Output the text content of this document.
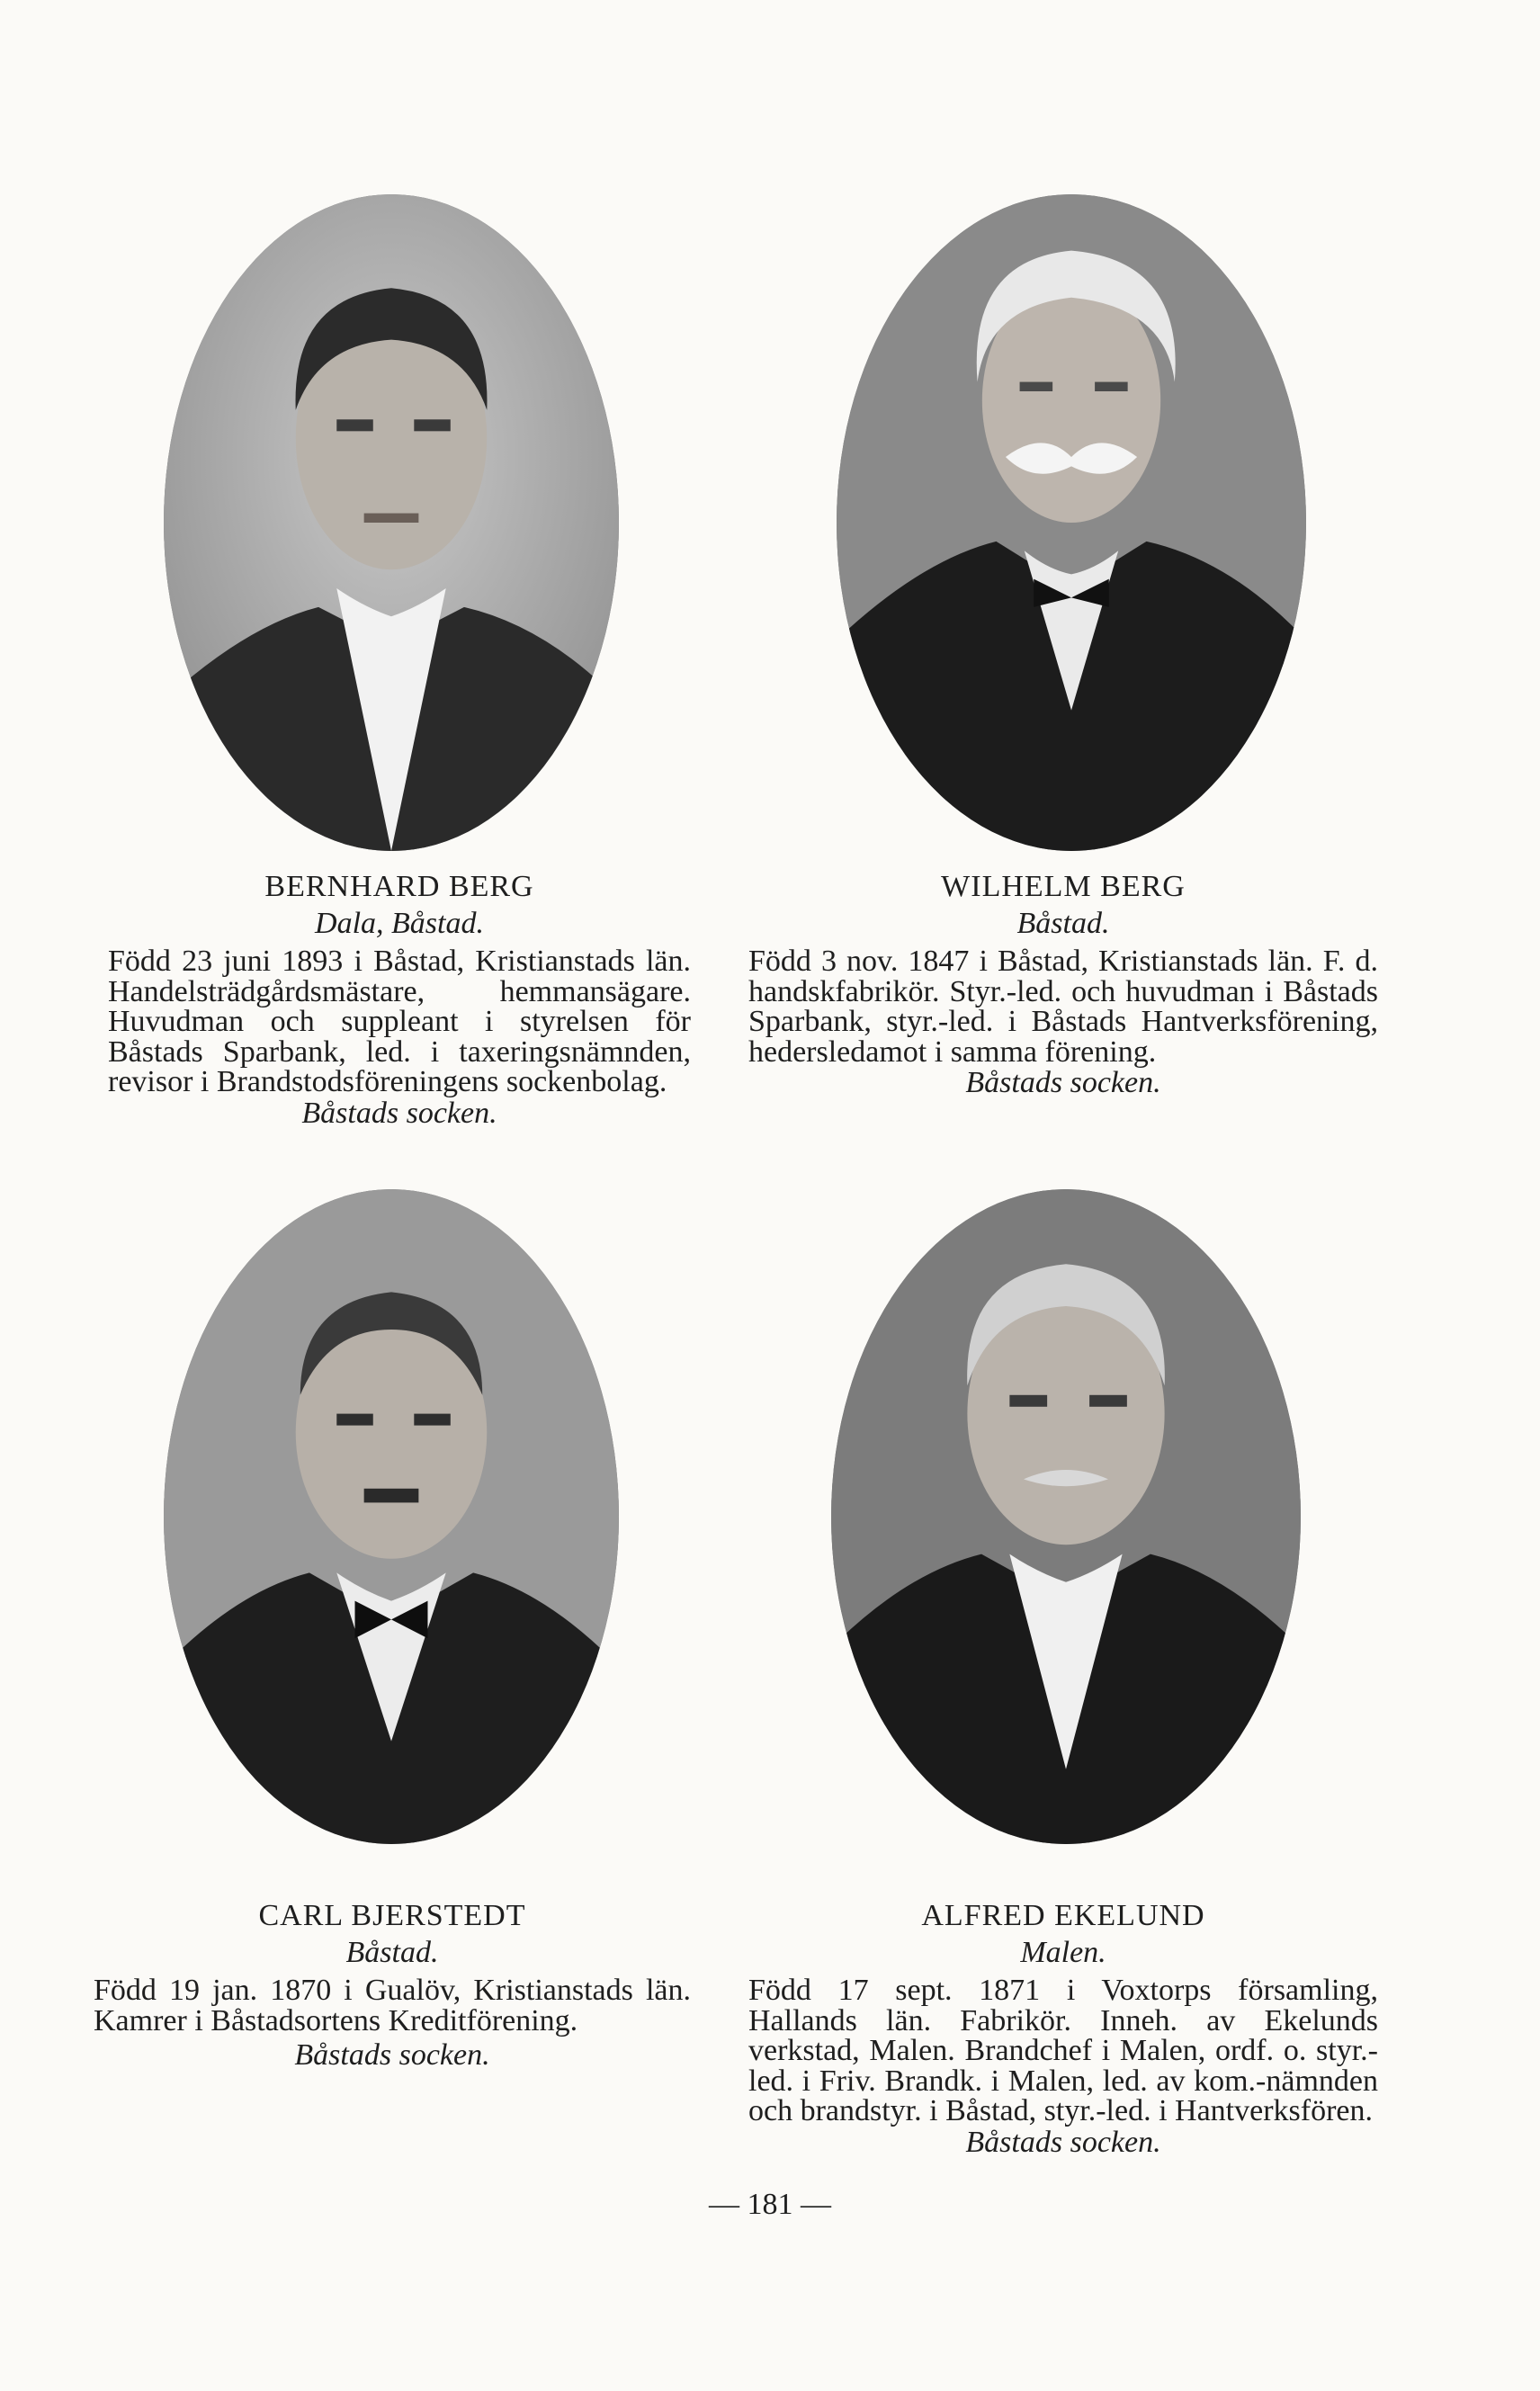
BERNHARD BERG
Dala, Båstad.
Född 23 juni 1893 i Båstad, Kristianstads län. Handelsträdgårdsmästare, hemmansägare. Huvudman och suppleant i styrelsen för Båstads Sparbank, led. i taxeringsnämnden, revisor i Brandstodsföreningens sockenbolag.
Båstads socken.
WILHELM BERG
Båstad.
Född 3 nov. 1847 i Båstad, Kristianstads län. F. d. handskfabrikör. Styr.-led. och huvudman i Båstads Sparbank, styr.-led. i Båstads Hantverksförening, hedersledamot i samma förening.
Båstads socken.
CARL BJERSTEDT
Båstad.
Född 19 jan. 1870 i Gualöv, Kristianstads län. Kamrer i Båstadsortens Kreditförening.
Båstads socken.
ALFRED EKELUND
Malen.
Född 17 sept. 1871 i Voxtorps församling, Hallands län. Fabrikör. Inneh. av Ekelunds verkstad, Malen. Brandchef i Malen, ordf. o. styr.-led. i Friv. Brandk. i Malen, led. av kom.-nämnden och brandstyr. i Båstad, styr.-led. i Hantverksfören.
Båstads socken.
— 181 —
